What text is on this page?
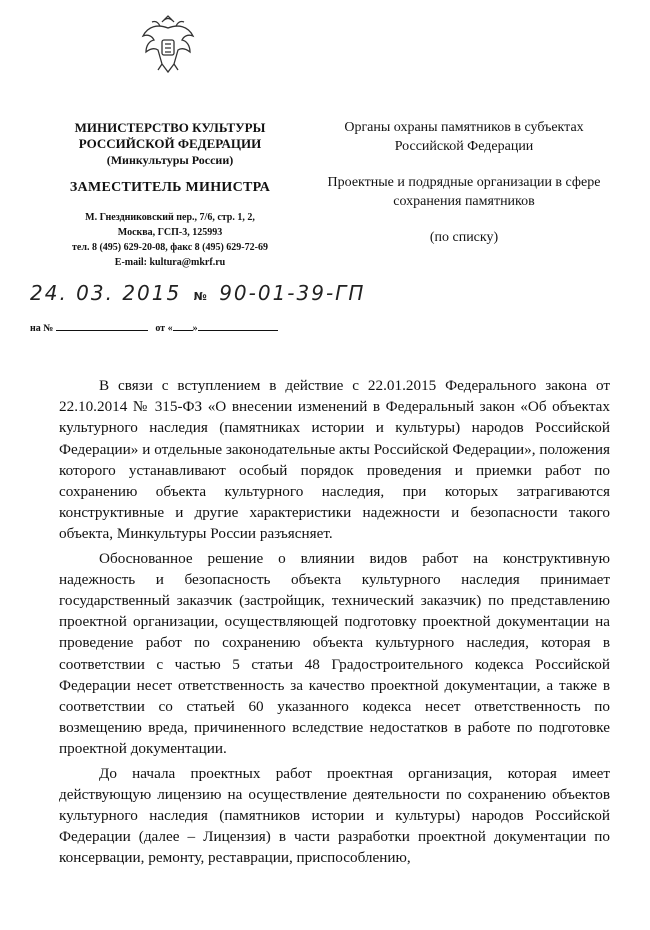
МИНИСТЕРСТВО КУЛЬТУРЫ
РОССИЙСКОЙ ФЕДЕРАЦИИ
(Минкультуры России)
ЗАМЕСТИТЕЛЬ МИНИСТРА
М. Гнездниковский пер., 7/6, стр. 1, 2,
Москва, ГСП-3, 125993
тел. 8 (495) 629-20-08, факс 8 (495) 629-72-69
E-mail: kultura@mkrf.ru
24. 03. 2015 № 90-01-39-ГП
на №	от « »

Органы охраны памятников в субъектах Российской Федерации

Проектные и подрядные организации в сфере сохранения памятников

(по списку)

В связи с вступлением в действие с 22.01.2015 Федерального закона от 22.10.2014 № 315-ФЗ «О внесении изменений в Федеральный закон «Об объектах культурного наследия (памятниках истории и культуры) народов Российской Федерации» и отдельные законодательные акты Российской Федерации», положения которого устанавливают особый порядок проведения и приемки работ по сохранению объекта культурного наследия, при которых затрагиваются конструктивные и другие характеристики надежности и безопасности такого объекта, Минкультуры России разъясняет.

Обоснованное решение о влиянии видов работ на конструктивную надежность и безопасность объекта культурного наследия принимает государственный заказчик (застройщик, технический заказчик) по представлению проектной организации, осуществляющей подготовку проектной документации на проведение работ по сохранению объекта культурного наследия, которая в соответствии с частью 5 статьи 48 Градостроительного кодекса Российской Федерации несет ответственность за качество проектной документации, а также в соответствии со статьей 60 указанного кодекса несет ответственность по возмещению вреда, причиненного вследствие недостатков в работе по подготовке проектной документации.

До начала проектных работ проектная организация, которая имеет действующую лицензию на осуществление деятельности по сохранению объектов культурного наследия (памятников истории и культуры) народов Российской Федерации (далее – Лицензия) в части разработки проектной документации по консервации, ремонту, реставрации, приспособлению,
